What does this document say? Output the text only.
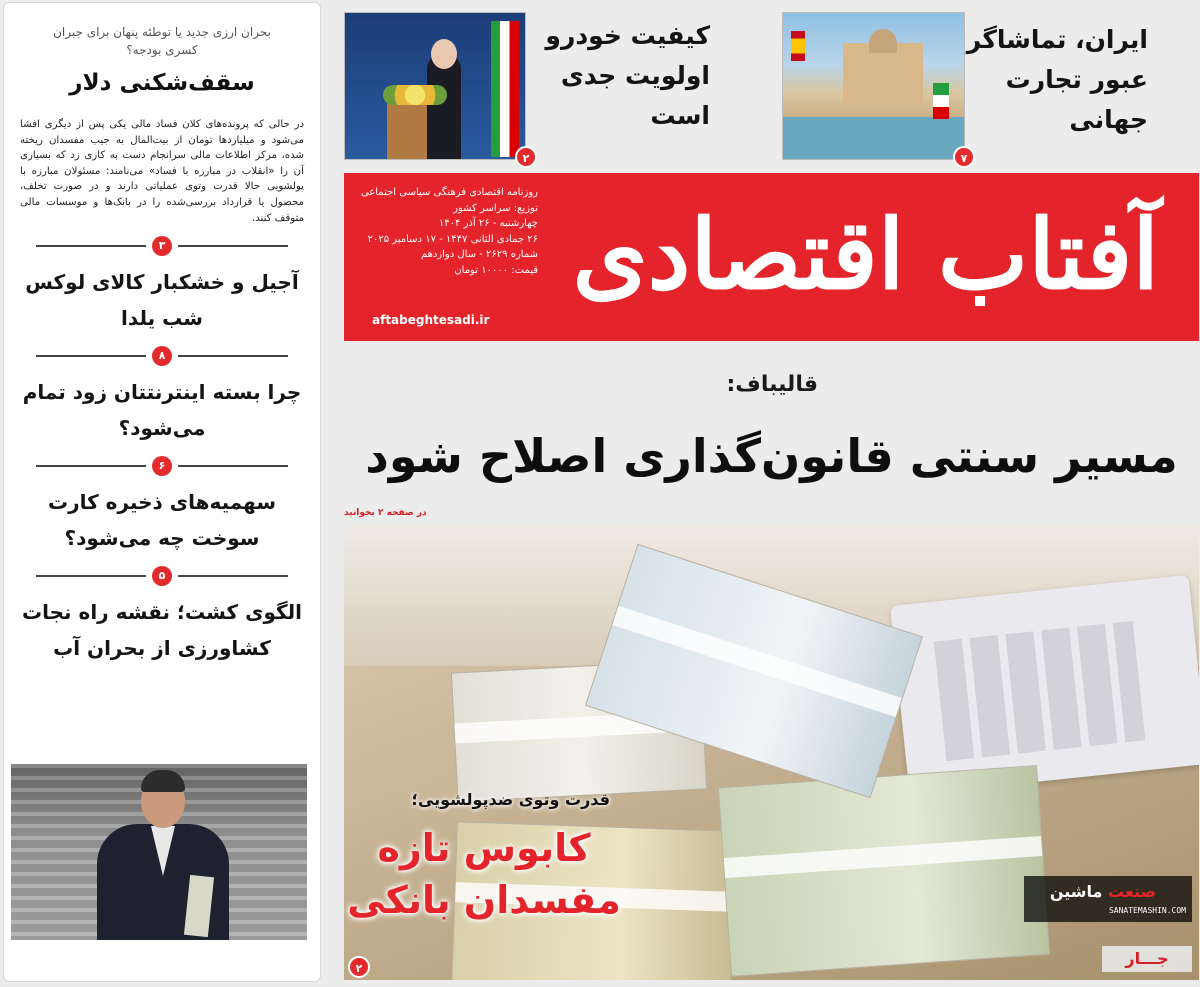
بحران ارزی جدید یا توطئه پنهان برای جبران کسری بودجه؟

سقف‌شکنی دلار

در حالی که پرونده‌های کلان فساد مالی یکی پس از دیگری افشا می‌شود و میلیاردها تومان از بیت‌المال به جیب مفسدان ریخته شده، مرکز اطلاعات مالی سرانجام دست به کاری زد که بسیاری آن را «انقلاب در مبارزه با فساد» می‌نامند: مسئولان مبارزه با پولشویی حالا قدرت وتوی عملیاتی دارند و در صورت تخلف، محصول یا قرارداد بررسی‌شده را در بانک‌ها و موسسات مالی متوقف کنند.

۳
آجیل و خشکبار کالای لوکس شب یلدا
۸
چرا بسته اینترنتتان زود تمام می‌شود؟
۶
سهمیه‌های ذخیره کارت سوخت چه می‌شود؟
۵
الگوی کشت؛ نقشه راه نجات کشاورزی از بحران آب
۷
ایران، تماشاگر
عبور تجارت
جهانی
۲
کیفیت خودرو
اولویت جدی
است
آفتاب اقتصادی
روزنامه اقتصادی فرهنگی سیاسی اجتماعی
توزیع: سراسر کشور
چهارشنبه - ۲۶ آذر ۱۴۰۴
۲۶ جمادی الثانی ۱۴۴۷ - ۱۷ دسامبر ۲۰۲۵
شماره ۲۶۲۹ - سال دوازدهم
قیمت: ۱۰۰۰۰ تومان
aftabeghtesadi.ir
قالیباف:
مسیر سنتی قانون‌گذاری اصلاح شود
در صفحه ۲ بخوانید
قدرت وتوی ضدپولشویی؛
کابوس تازه
مفسدان بانکی
۲
صنعت ماشین
SANATEMASHIN.COM
جـــار
